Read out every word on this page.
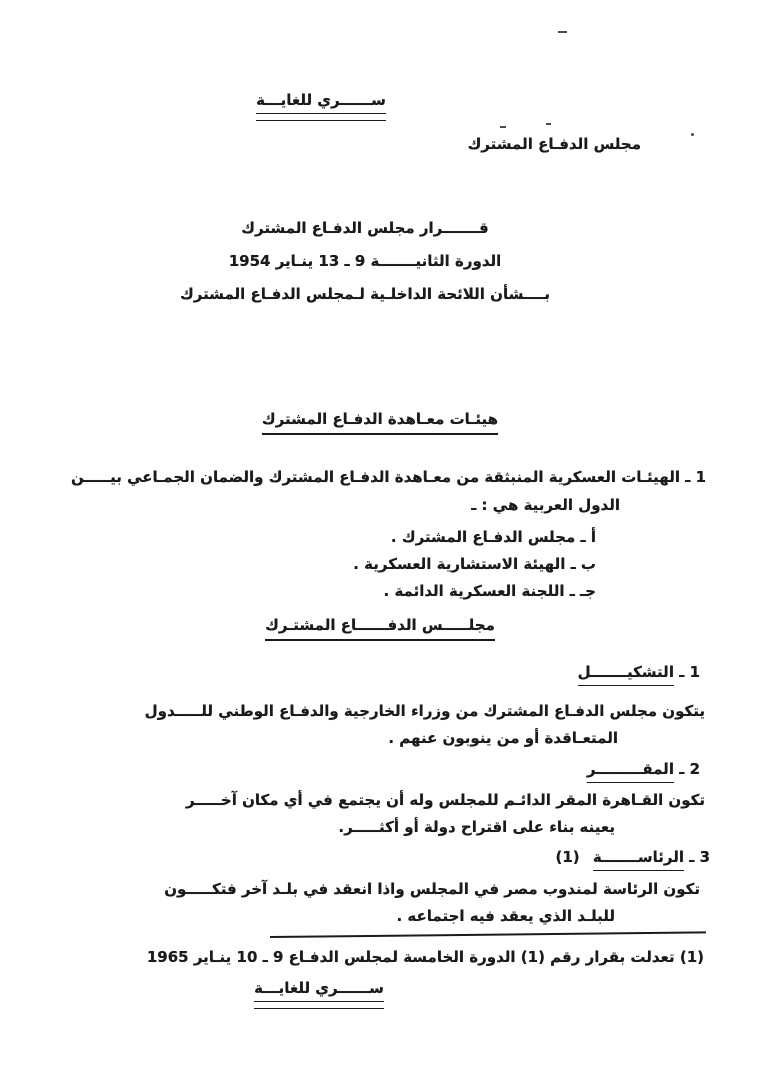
ســــــري للغايـــة
مجلس الدفـاع المشترك
قـــــــرار مجلس الدفـاع المشترك
الدورة الثانيـــــــة 9 ـ 13 ينـاير 1954
بــــشأن اللائحة الداخلـية لـمجلس الدفـاع المشترك
هيئـات معـاهدة الدفـاع المشترك
1 ـ الهيئـات العسكرية المنبثقة من معـاهدة الدفـاع المشترك والضمان الجمـاعي بيـــــن
الدول العربية هي : ـ
أ ـ مجلس الدفـاع المشترك .
ب ـ الهيئة الاستشارية العسكرية .
جـ ـ اللجنة العسكرية الدائمة .
مجلـــــس الدفــــــاع المشتـرك
1 ـ التشكيـــــــل
يتكون مجلس الدفـاع المشترك من وزراء الخارجية والدفـاع الوطني للـــــدول
المتعـاقدة أو من ينوبون عنهم .
2 ـ المقـــــــــر
تكون القـاهرة المقر الدائـم للمجلس وله أن يجتمع في أي مكان آخـــــر
يعينه بناء على اقتراح دولة أو أكثـــــر.
3 ـ الرئاســـــــة (1)
تكون الرئاسة لمندوب مصر في المجلس واذا انعقد في بلـد آخر فتكـــــون
للبلـد الذي يعقد فيه اجتماعه .
(1) تعدلت بقرار رقم (1) الدورة الخامسة لمجلس الدفـاع 9 ـ 10 ينـاير 1965
ســــــري للغايـــة
